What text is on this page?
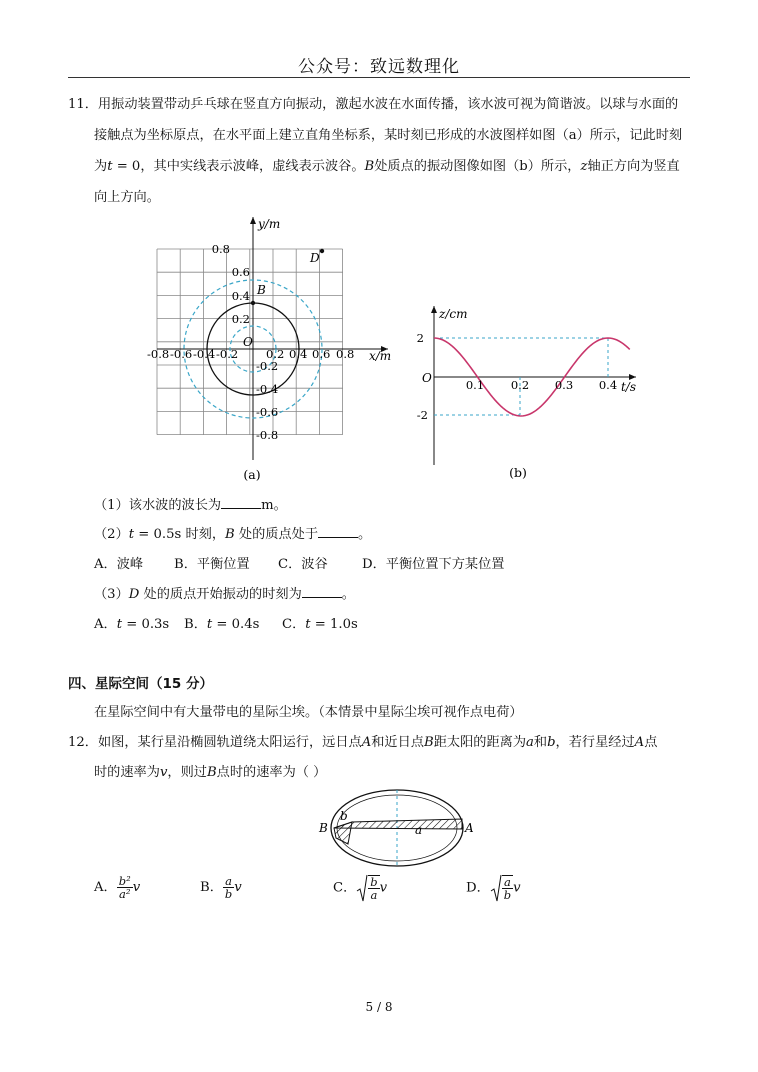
公众号：致远数理化
11．用振动装置带动乒乓球在竖直方向振动，激起水波在水面传播，该水波可视为简谐波。以球与水面的
接触点为坐标原点，在水平面上建立直角坐标系，某时刻已形成的水波图样如图（a）所示，记此时刻
为t = 0，其中实线表示波峰，虚线表示波谷。B处质点的振动图像如图（b）所示，z轴正方向为竖直
向上方向。
B
D
y/m
x/m
O
0.8
0.6
0.4
0.2
-0.2
-0.4
-0.6
-0.8
-0.8 -0.6 -0.4 -0.2 0.2 0.4 0.6 0.8
(a)
2
-2
0.1 0.2 0.3 0.4
O
z/cm
t/s
(b)
（1）该水波的波长为	m。
（2）t = 0.5s 时刻，B 处的质点处于	。
A．波峰 B．平衡位置 C．波谷	D．平衡位置下方某位置
（3）D 处的质点开始振动的时刻为	。
A．t = 0.3s B．t = 0.4s C．t = 1.0s
四、星际空间（15 分）
在星际空间中有大量带电的星际尘埃。（本情景中星际尘埃可视作点电荷）
12．如图，某行星沿椭圆轨道绕太阳运行，远日点A和近日点B距太阳的距离为a和b，若行星经过A点
时的速率为v，则过B点时的速率为（ ）
B
b
a	A
A． $\frac{\text{b²}}{\text{a²}}$ v	B． $\frac{a}{b}$ v	C． $\frac{b}{a}$ v	D． $\frac{a}{b}$ v
5 / 8
